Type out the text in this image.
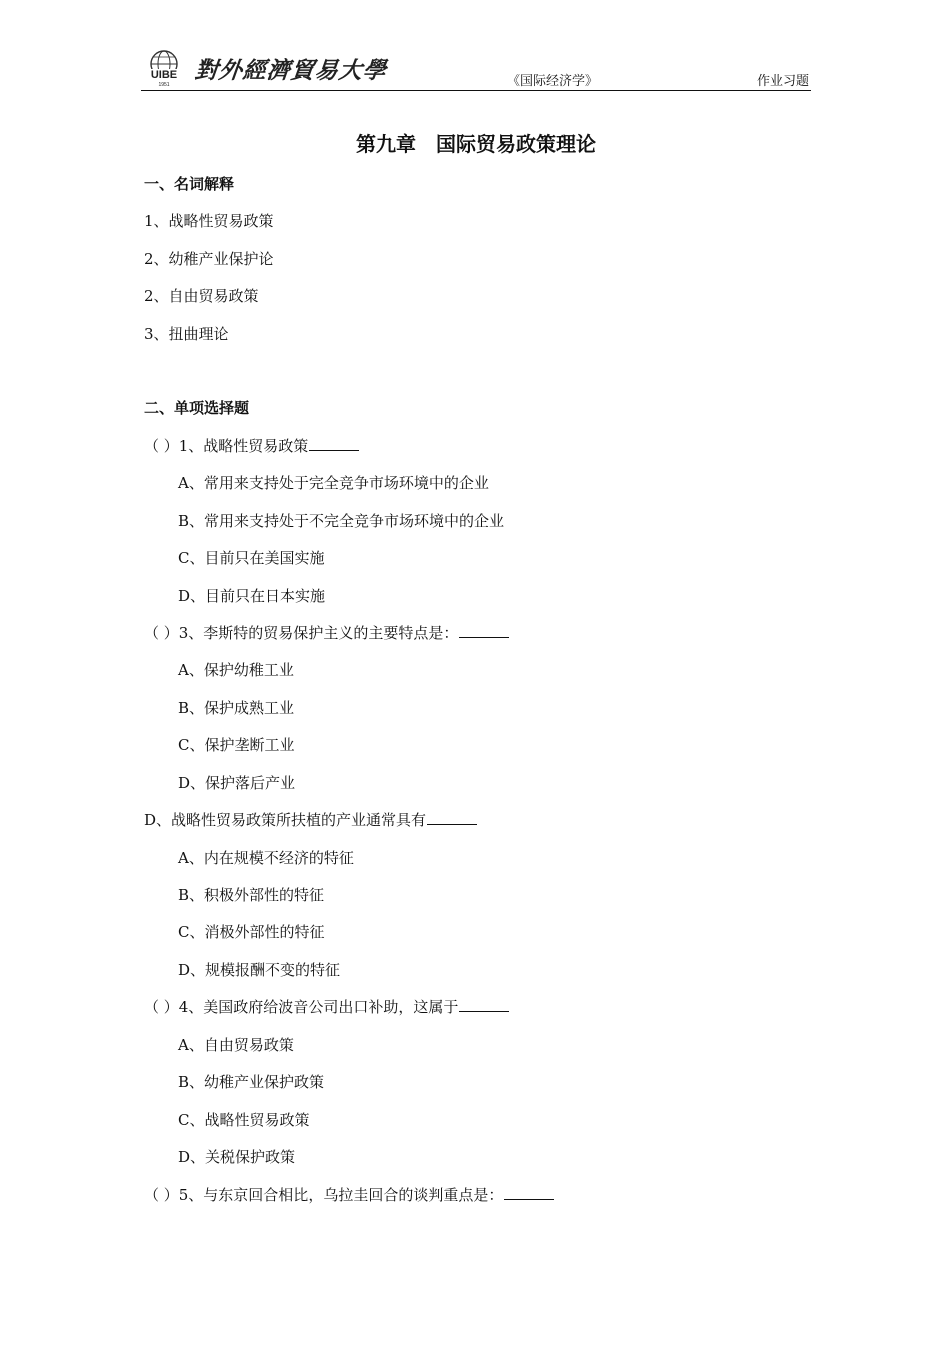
UIBE
1951
對外經濟貿易大學	《国际经济学》	作业习题
第九章　国际贸易政策理论
一、名词解释
1、战略性贸易政策
2、幼稚产业保护论
2、自由贸易政策
3、扭曲理论
二、单项选择题
（ ）1、战略性贸易政策
A、常用来支持处于完全竞争市场环境中的企业
B、常用来支持处于不完全竞争市场环境中的企业
C、目前只在美国实施
D、目前只在日本实施
（ ）3、李斯特的贸易保护主义的主要特点是：
A、保护幼稚工业
B、保护成熟工业
C、保护垄断工业
D、保护落后产业
D、战略性贸易政策所扶植的产业通常具有
A、内在规模不经济的特征
B、积极外部性的特征
C、消极外部性的特征
D、规模报酬不变的特征
（ ）4、美国政府给波音公司出口补助，这属于
A、自由贸易政策
B、幼稚产业保护政策
C、战略性贸易政策
D、关税保护政策
（ ）5、与东京回合相比，乌拉圭回合的谈判重点是：
